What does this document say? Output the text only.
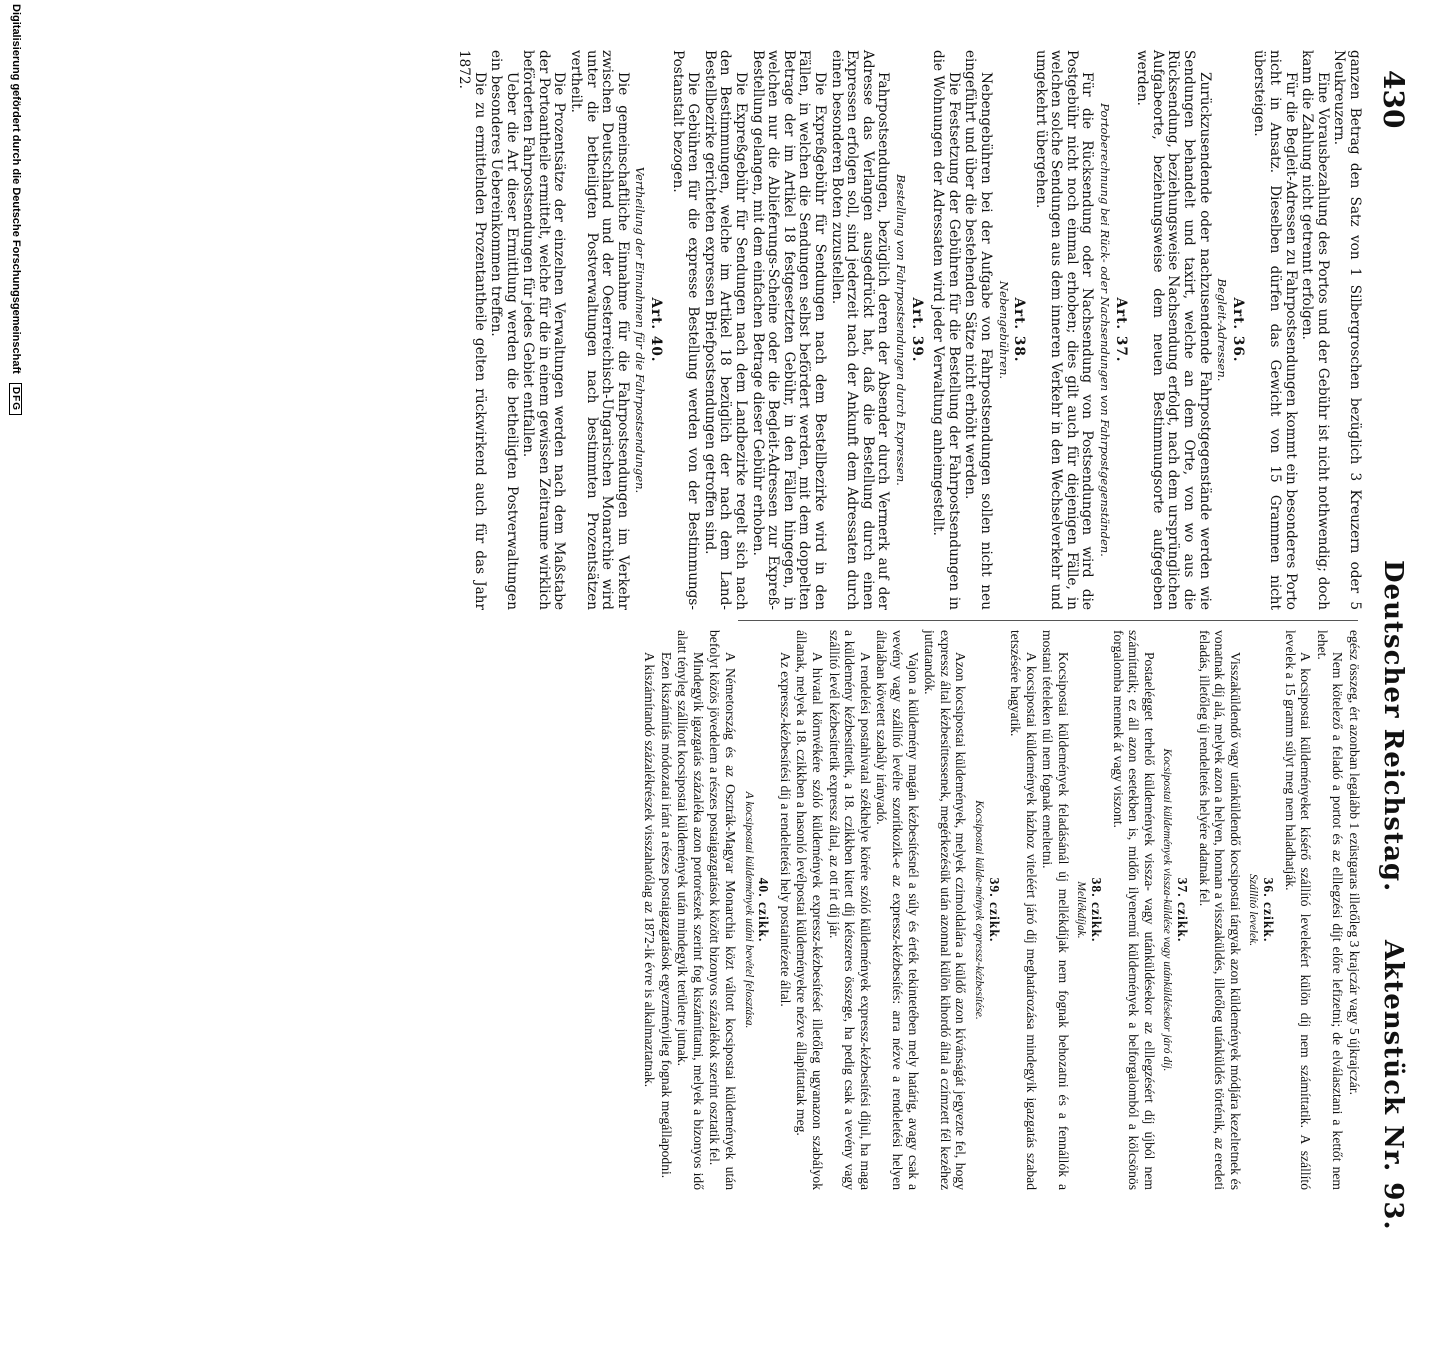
430
Deutscher Reichstag.
Aktenstück Nr. 93.

ganzen Betrag den Satz von 1 Silbergroschen bezüglich 3 Kreuzern oder 5 Neukreuzern.

Eine Vorausbezahlung des Portos und der Gebühr ist nicht nothwendig; doch kann die Zahlung nicht getrennt erfolgen.

Für die Begleit-Adressen zu Fahrpostsendungen kommt ein besonderes Porto nicht in Ansatz. Dieselben dürfen das Gewicht von 15 Grammen nicht übersteigen.

Art. 36.
Begleit-Adressen.

Zurückzusendende oder nachzusendende Fahrpostgegenstände werden wie Sendungen behandelt und taxirt, welche an dem Orte, von wo aus die Rücksendung, beziehungsweise Nachsendung erfolgt, nach dem ursprünglichen Aufgabeorte, beziehungsweise dem neuen Bestimmungsorte aufgegeben werden.

Art. 37.
Portoberechnung bei Rück- oder Nachsendungen von Fahrpostgegenständen.

Für die Rücksendung oder Nachsendung von Postsendungen wird die Postgebühr nicht noch einmal erhoben; dies gilt auch für diejenigen Fälle, in welchen solche Sendungen aus dem inneren Verkehr in den Wechselverkehr und umgekehrt übergehen.

Art. 38.
Nebengebühren.

Nebengebühren bei der Aufgabe von Fahrpostsendungen sollen nicht neu eingeführt und über die bestehenden Sätze nicht erhöht werden.

Die Festsetzung der Gebühren für die Bestellung der Fahrpostsendungen in die Wohnungen der Adressaten wird jeder Verwaltung anheimgestellt.

Art. 39.
Bestellung von Fahrpostsendungen durch Expressen.

Fahrpostsendungen, bezüglich deren der Absender durch Vermerk auf der Adresse das Verlangen ausgedrückt hat, daß die Bestellung durch einen Expressen erfolgen soll, sind jederzeit nach der Ankunft dem Adressaten durch einen besonderen Boten zuzustellen.

Die Expreßgebühr für Sendungen nach dem Bestellbezirke wird in den Fällen, in welchen die Sendungen selbst befördert werden, mit dem doppelten Betrage der im Artikel 18 festgesetzten Gebühr, in den Fällen hingegen, in welchen nur die Ablieferungs-Scheine oder die Begleit-Adressen zur Expreß-Bestellung gelangen, mit dem einfachen Betrage dieser Gebühr erhoben.

Die Expreßgebühr für Sendungen nach dem Landbezirke regelt sich nach den Bestimmungen, welche im Artikel 18 bezüglich der nach dem Land-Bestellbezirke gerichteten expressen Briefpostsendungen getroffen sind.

Die Gebühren für die expresse Bestellung werden von der Bestimmungs-Postanstalt bezogen.

Art. 40.
Vertheilung der Einnahmen für die Fahrpostsendungen.

Die gemeinschaftliche Einnahme für die Fahrpostsendungen im Verkehr zwischen Deutschland und der Oesterreichisch-Ungarischen Monarchie wird unter die betheiligten Postverwaltungen nach bestimmten Prozentsätzen vertheilt.

Die Prozentsätze der einzelnen Verwaltungen werden nach dem Maßstabe der Portoantheile ermittelt, welche für die in einem gewissen Zeitraume wirklich beförderten Fahrpostsendungen für jedes Gebiet entfallen.

Ueber die Art dieser Ermittlung werden die betheiligten Postverwaltungen ein besonderes Uebereinkommen treffen.

Die zu ermittelnden Prozentantheile gelten rückwirkend auch für das Jahr 1872.

egész összeg, ért azonban legalább 1 ezüstgaras illetőleg 3 krajczár vagy 5 újkrajczár.

Nem kötelező a feladó a portot és az elllegzési díjt előre lefizetni; de elválasztani a kettőt nem lehet.

A kocsipostai küldeményeket kísérő szállító levelekért külön díj nem számíttatik. A szállító levelek a 15 gramm súlyt meg nem haladhatják.

36. czikk.
Szállító levelek.

Visszaküldendő vagy utánküldendő kocsipostai tárgyak azon küldemények módjára kezeltetnek és vonatnak díj alá, melyek azon a helyen, honnan a visszaküldés, illetőleg utánküldés történik, az eredeti feladás, illetőleg új rendeltetés helyére adatnak fel.

37. czikk.
Kocsipostai küldemények vissza-küldése vagy utánküldésekor járó díj.

Postaelégget terhelő küldemények vissza- vagy utánküldésekor az elllegzésért díj újból nem számíttatik; ez áll azon esetekben is, midőn ilyenemű küldemények a belforgalomból a kölcsönös forgalomba mennek át vagy viszont.

38. czikk.
Mellékdíjak.

Kocsipostai küldemények feladásánál új mellékdíjak nem fognak behozatni és a fennállók a mostani tételeken túl nem fognak emeltetni.

A kocsipostai küldemények házhoz viteléért járó díj meghatározása mindegyik igazgatás szabad tetszésére hagyatik.

39. czikk.
Kocsipostai külde-mények expressz-kézbesítése.

Azon kocsipostai küldemények, melyek czimoldalára a küldő azon kívánságát jegyezte fel, hogy expressz által kézbesíttessenek, megérkezésük után azonnal külön kihordó által a czímzett fél kezéhez juttatandók.

Vajon a küldemény magán kézbesítésnél a súly és érték tekintetében mely határig, avagy csak a vevény vagy szállító levélre szorítkozik-e az expressz-kézbesítés: arra nézve a rendeletési helyen általában követett szabály irányadó.

A rendelési postahivatal székhelye körére szóló küldemények expressz-kézbesítési díjul, ha maga a küldemény kézbesíttetik, a 18. czikkben kitett díj kétszeres összege, ha pedig csak a vevény vagy szállító levél kézbesíttetik expressz által, az ott írt díj jár.

A hivatal körnvékére szóló küldemények expressz-kézbesítését illetőleg ugyanazon szabályok állanak, melyek a 18. czikkben a hasonló levélpostai küldeményekre nézve állapíttattak meg.

Az expressz-kézbesítési díj a rendeltetési hely postaintézete által.

40. czikk.
A kocsipostai küldemények utáni bevétel felosztása.

A Németország és az Osztrák-Magyar Monarchia közt váltott kocsipostai küldemények után befolyt közös jövedelem a részes postaigazgatások között bizonyos százalékok szerint osztatik fel.

Mindegyik igazgatás százaléka azon portorészek szerint fog kiszámíttatni, melyek a bizonyos idő alatt tényleg szállított kocsipostai küldemények után mindegyik területre jutnak.

Ezen kiszámítás módozatai iránt a részes postaigazgatások egyezményileg fognak megállapodni.

A kiszámítandó százalékrészek visszahatólag az 1872-ik évre is alkalmaztatnak.

Digitalisierung gefördert durch die Deutsche Forschungsgemeinschaft DFG
